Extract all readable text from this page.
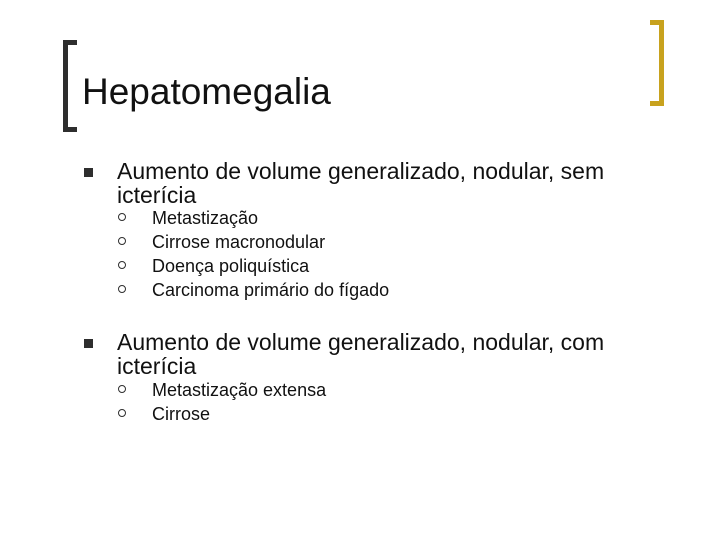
Hepatomegalia
Aumento de volume generalizado, nodular, sem icterícia
Metastização
Cirrose macronodular
Doença poliquística
Carcinoma primário do fígado
Aumento de volume generalizado, nodular, com icterícia
Metastização extensa
Cirrose
